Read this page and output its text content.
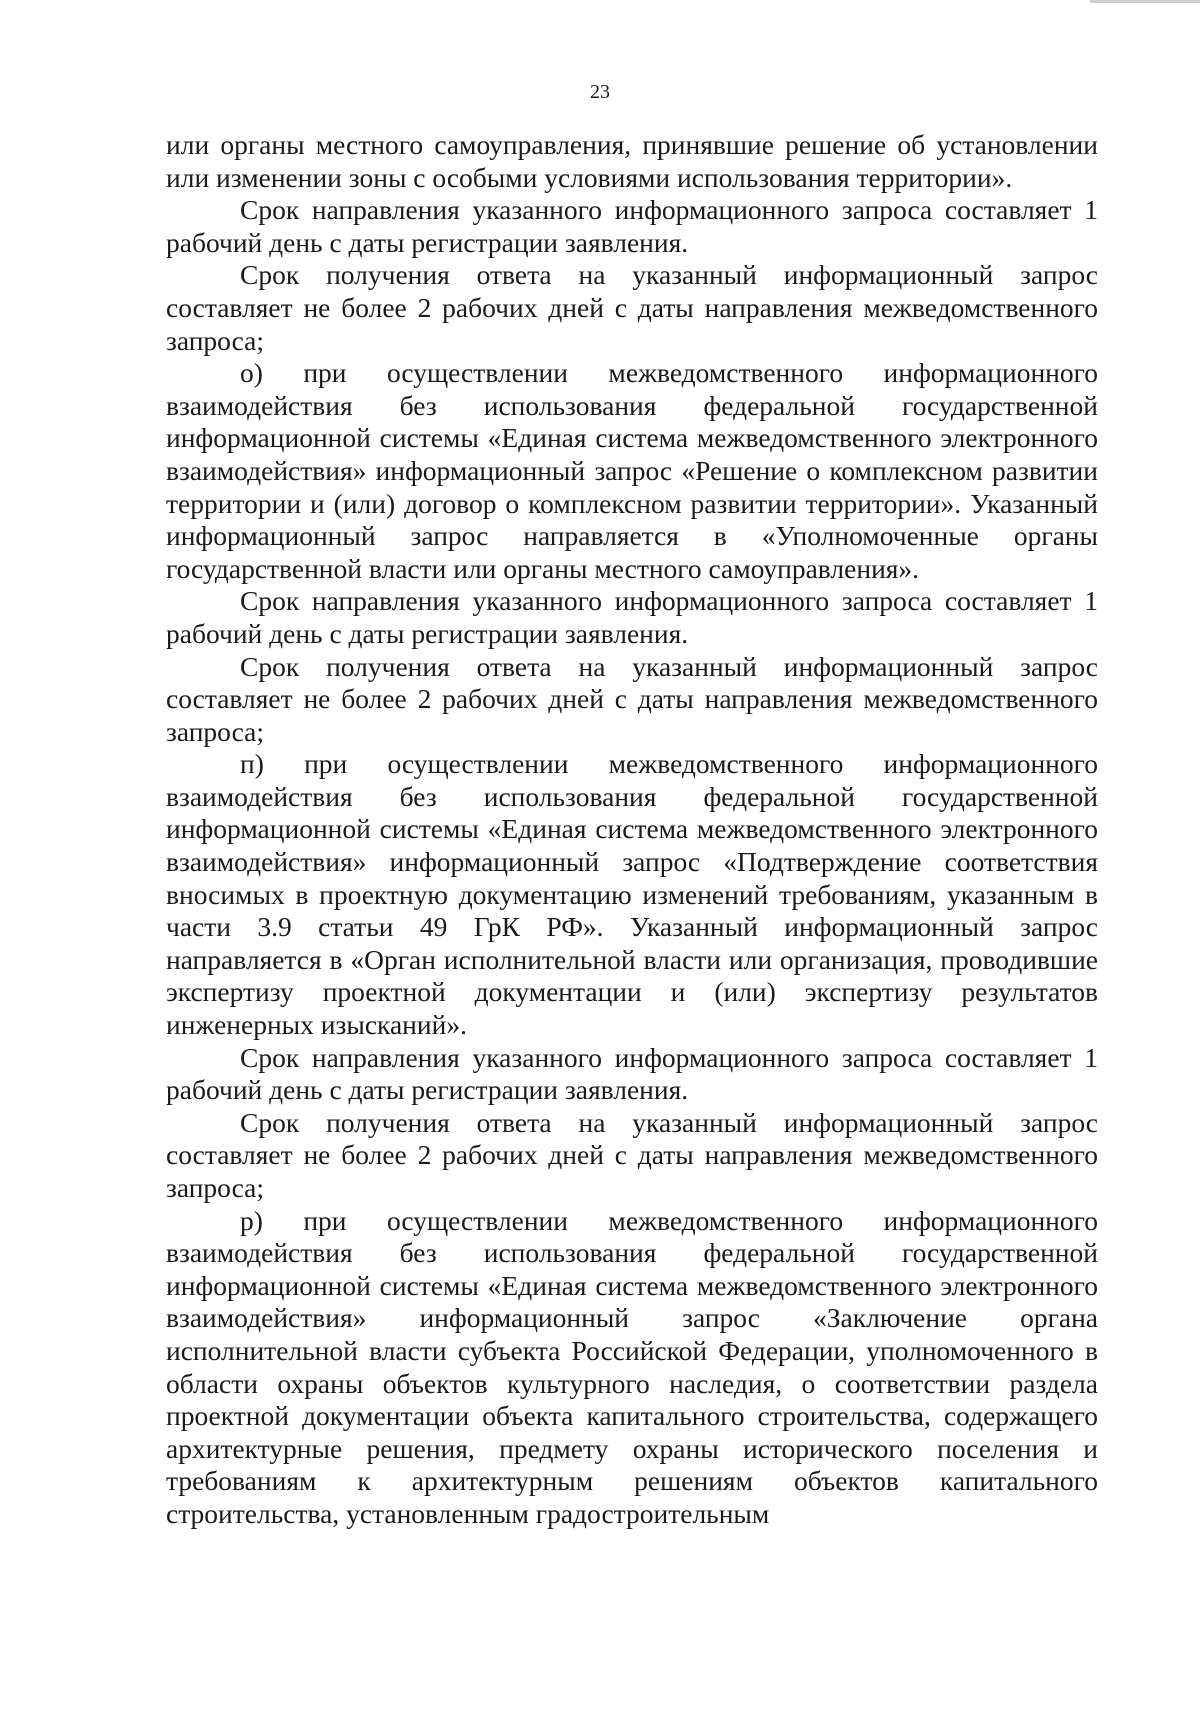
23

или органы местного самоуправления, принявшие решение об установлении или изменении зоны с особыми условиями использования территории».

Срок направления указанного информационного запроса составляет 1 рабочий день с даты регистрации заявления.

Срок получения ответа на указанный информационный запрос составляет не более 2 рабочих дней с даты направления межведомственного запроса;

о) при осуществлении межведомственного информационного взаимодействия без использования федеральной государственной информационной системы «Единая система межведомственного электронного взаимодействия» информационный запрос «Решение о комплексном развитии территории и (или) договор о комплексном развитии территории». Указанный информационный запрос направляется в «Уполномоченные органы государственной власти или органы местного самоуправления».

Срок направления указанного информационного запроса составляет 1 рабочий день с даты регистрации заявления.

Срок получения ответа на указанный информационный запрос составляет не более 2 рабочих дней с даты направления межведомственного запроса;

п) при осуществлении межведомственного информационного взаимодействия без использования федеральной государственной информационной системы «Единая система межведомственного электронного взаимодействия» информационный запрос «Подтверждение соответствия вносимых в проектную документацию изменений требованиям, указанным в части 3.9 статьи 49 ГрК РФ». Указанный информационный запрос направляется в «Орган исполнительной власти или организация, проводившие экспертизу проектной документации и (или) экспертизу результатов инженерных изысканий».

Срок направления указанного информационного запроса составляет 1 рабочий день с даты регистрации заявления.

Срок получения ответа на указанный информационный запрос составляет не более 2 рабочих дней с даты направления межведомственного запроса;

р) при осуществлении межведомственного информационного взаимодействия без использования федеральной государственной информационной системы «Единая система межведомственного электронного взаимодействия» информационный запрос «Заключение органа исполнительной власти субъекта Российской Федерации, уполномоченного в области охраны объектов культурного наследия, о соответствии раздела проектной документации объекта капитального строительства, содержащего архитектурные решения, предмету охраны исторического поселения и требованиям к архитектурным решениям объектов капитального строительства, установленным градостроительным
